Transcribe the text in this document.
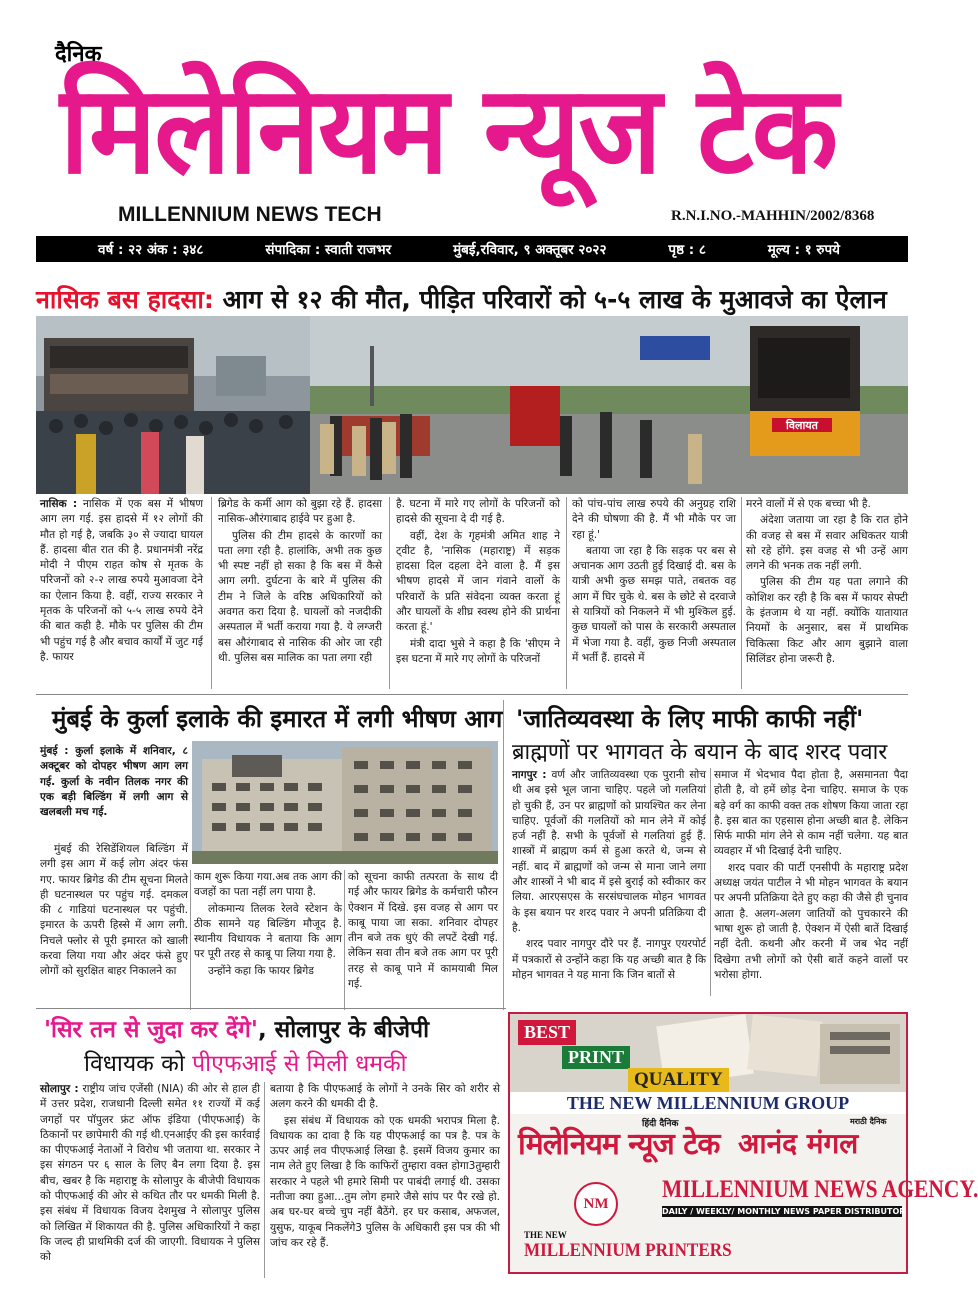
दैनिक
मिलेनियम न्यूज टेक
MILLENNIUM NEWS TECH	R.N.I.NO.-MAHHIN/2002/8368
वर्ष : २२ अंक : ३४८	संपादिका : स्वाती राजभर	मुंबई,रविवार, ९ अक्तूबर २०२२	पृष्ठ : ८	मूल्य : १ रुपये
नासिक बस हादसा: आग से १२ की मौत, पीड़ित परिवारों को ५-५ लाख के मुआवजे का ऐलान
विलायत

नासिक : नासिक में एक बस में भीषण आग लग गई. इस हादसे में १२ लोगों की मौत हो गई है, जबकि ३० से ज्यादा घायल हैं. हादसा बीत रात की है. प्रधानमंत्री नरेंद्र मोदी ने पीएम राहत कोष से मृतक के परिजनों को २-२ लाख रुपये मुआवजा देने का ऐलान किया है. वहीं, राज्य सरकार ने मृतक के परिजनों को ५-५ लाख रुपये देने की बात कही है. मौके पर पुलिस की टीम भी पहुंच गई है और बचाव कार्यों में जुट गई है. फायर

ब्रिगेड के कर्मी आग को बुझा रहे हैं. हादसा नासिक-औरंगाबाद हाईवे पर हुआ है.

पुलिस की टीम हादसे के कारणों का पता लगा रही है. हालांकि, अभी तक कुछ भी स्पष्ट नहीं हो सका है कि बस में कैसे आग लगी. दुर्घटना के बारे में पुलिस की टीम ने जिले के वरिष्ठ अधिकारियों को अवगत करा दिया है. घायलों को नजदीकी अस्पताल में भर्ती कराया गया है. ये लग्जरी बस औरंगाबाद से नासिक की ओर जा रही थी. पुलिस बस मालिक का पता लगा रही

है. घटना में मारे गए लोगों के परिजनों को हादसे की सूचना दे दी गई है.

वहीं, देश के गृहमंत्री अमित शाह ने ट्वीट है, 'नासिक (महाराष्ट्र) में सड़क हादसा दिल दहला देने वाला है. मैं इस भीषण हादसे में जान गंवाने वालों के परिवारों के प्रति संवेदना व्यक्त करता हूं और घायलों के शीघ्र स्वस्थ होने की प्रार्थना करता हूं.'

मंत्री दादा भुसे ने कहा है कि 'सीएम ने इस घटना में मारे गए लोगों के परिजनों

को पांच-पांच लाख रुपये की अनुग्रह राशि देने की घोषणा की है. मैं भी मौके पर जा रहा हूं.'

बताया जा रहा है कि सड़क पर बस से अचानक आग उठती हुई दिखाई दी. बस के यात्री अभी कुछ समझ पाते, तबतक वह आग में घिर चुके थे. बस के छोटे से दरवाजे से यात्रियों को निकलने में भी मुश्किल हुई. कुछ घायलों को पास के सरकारी अस्पताल में भेजा गया है. वहीं, कुछ निजी अस्पताल में भर्ती हैं. हादसे में

मरने वालों में से एक बच्चा भी है.

अंदेशा जताया जा रहा है कि रात होने की वजह से बस में सवार अधिकतर यात्री सो रहे होंगे. इस वजह से भी उन्हें आग लगने की भनक तक नहीं लगी.

पुलिस की टीम यह पता लगाने की कोशिश कर रही है कि बस में फायर सेफ्टी के इंतजाम थे या नहीं. क्योंकि यातायात नियमों के अनुसार, बस में प्राथमिक चिकित्सा किट और आग बुझाने वाला सिलिंडर होना जरूरी है.

मुंबई के कुर्ला इलाके की इमारत में लगी भीषण आग

मुंबई : कुर्ला इलाके में शनिवार, ८ अक्टूबर को दोपहर भीषण आग लग गई. कुर्ला के नवीन तिलक नगर की एक बड़ी बिल्डिंग में लगी आग से खलबली मच गई.

मुंबई की रेसिडेंशियल बिल्डिंग में लगी इस आग में कई लोग अंदर फंस गए. फायर ब्रिगेड की टीम सूचना मिलते ही घटनास्थल पर पहुंच गई. दमकल की ८ गाडियां घटनास्थल पर पहुंची. इमारत के ऊपरी हिस्से में आग लगी. निचले फ्लोर से पूरी इमारत को खाली करवा लिया गया और अंदर फंसे हुए लोगों को सुरक्षित बाहर निकालने का

काम शुरू किया गया.अब तक आग की वजहों का पता नहीं लग पाया है.

लोकमान्य तिलक रेलवे स्टेशन के ठीक सामने यह बिल्डिंग मौजूद है. स्थानीय विधायक ने बताया कि आग पर पूरी तरह से काबू पा लिया गया है.

उन्होंने कहा कि फायर ब्रिगेड

को सूचना काफी तत्परता के साथ दी गई और फायर ब्रिगेड के कर्मचारी फौरन ऐक्शन में दिखे. इस वजह से आग पर काबू पाया जा सका. शनिवार दोपहर तीन बजे तक धुएं की लपटें देखी गई. लेकिन सवा तीन बजे तक आग पर पूरी तरह से काबू पाने में कामयाबी मिल गई.

'जातिव्यवस्था के लिए माफी काफी नहीं'
ब्राह्मणों पर भागवत के बयान के बाद शरद पवार

नागपुर : वर्ण और जातिव्यवस्था एक पुरानी सोच थी अब इसे भूल जाना चाहिए. पहले जो गलतियां हो चुकी हैं, उन पर ब्राह्मणों को प्रायश्चित कर लेना चाहिए. पूर्वजों की गलतियों को मान लेने में कोई हर्ज नहीं है. सभी के पूर्वजों से गलतियां हुई हैं. शास्त्रों में ब्राह्मण कर्म से हुआ करते थे, जन्म से नहीं. बाद में ब्राह्मणों को जन्म से माना जाने लगा और शास्त्रों ने भी बाद में इसे बुराई को स्वीकार कर लिया. आरएसएस के सरसंघचालक मोहन भागवत के इस बयान पर शरद पवार ने अपनी प्रतिक्रिया दी है.

शरद पवार नागपुर दौरे पर हैं. नागपुर एयरपोर्ट में पत्रकारों से उन्होंने कहा कि यह अच्छी बात है कि मोहन भागवत ने यह माना कि जिन बातों से

समाज में भेदभाव पैदा होता है, असमानता पैदा होती है, वो हमें छोड़ देना चाहिए. समाज के एक बड़े वर्ग का काफी वक्त तक शोषण किया जाता रहा है. इस बात का एहसास होना अच्छी बात है. लेकिन सिर्फ माफी मांग लेने से काम नहीं चलेगा. यह बात व्यवहार में भी दिखाई देनी चाहिए.

शरद पवार की पार्टी एनसीपी के महाराष्ट्र प्रदेश अध्यक्ष जयंत पाटील ने भी मोहन भागवत के बयान पर अपनी प्रतिक्रिया देते हुए कहा की जैसे ही चुनाव आता है. अलग-अलग जातियों को पुचकारने की भाषा शुरू हो जाती है. ऐक्शन में ऐसी बातें दिखाई नहीं देती. कथनी और करनी में जब भेद नहीं दिखेगा तभी लोगों को ऐसी बातें कहने वालों पर भरोसा होगा.

'सिर तन से जुदा कर देंगे', सोलापुर के बीजेपी
विधायक को पीएफआई से मिली धमकी

सोलापुर : राष्ट्रीय जांच एजेंसी (NIA) की ओर से हाल ही में उत्तर प्रदेश, राजधानी दिल्ली समेत ११ राज्यों में कई जगहों पर पॉपुलर फ्रंट ऑफ इंडिया (पीएफआई) के ठिकानों पर छापेमारी की गई थी.एनआईए की इस कार्रवाई का पीएफआई नेताओं ने विरोध भी जताया था. सरकार ने इस संगठन पर ६ साल के लिए बैन लगा दिया है. इस बीच, खबर है कि महाराष्ट्र के सोलापुर के बीजेपी विधायक को पीएफआई की ओर से कथित तौर पर धमकी मिली है. इस संबंध में विधायक विजय देशमुख ने सोलापुर पुलिस को लिखित में शिकायत की है. पुलिस अधिकारियों ने कहा कि जल्द ही प्राथमिकी दर्ज की जाएगी. विधायक ने पुलिस को

बताया है कि पीएफआई के लोगों ने उनके सिर को शरीर से अलग करने की धमकी दी है.

इस संबंध में विधायक को एक धमकी भरापत्र मिला है. विधायक का दावा है कि यह पीएफआई का पत्र है. पत्र के ऊपर आई लव पीएफआई लिखा है. इसमें विजय कुमार का नाम लेते हुए लिखा है कि काफिरों तुम्हारा वक्त होगा3तुम्हारी सरकार ने पहले भी हमारे सिमी पर पाबंदी लगाई थी. उसका नतीजा क्या हुआ...तुम लोग हमारे जैसे सांप पर पैर रखे हो. अब घर-घर बच्चे चुप नहीं बैठेंगे. हर घर कसाब, अफजल, युसुफ, याकूब निकलेंगे3 पुलिस के अधिकारी इस पत्र की भी जांच कर रहे हैं.

BEST
PRINT
QUALITY
THE NEW MILLENNIUM GROUP
हिंदी दैनिक	मराठी दैनिक
मिलेनियम न्यूज टेक आनंद मंगल
NM
MILLENNIUM NEWS AGENCY.
DAILY / WEEKLY/ MONTHLY NEWS PAPER DISTRIBUTOR
THE NEW
MILLENNIUM PRINTERS
